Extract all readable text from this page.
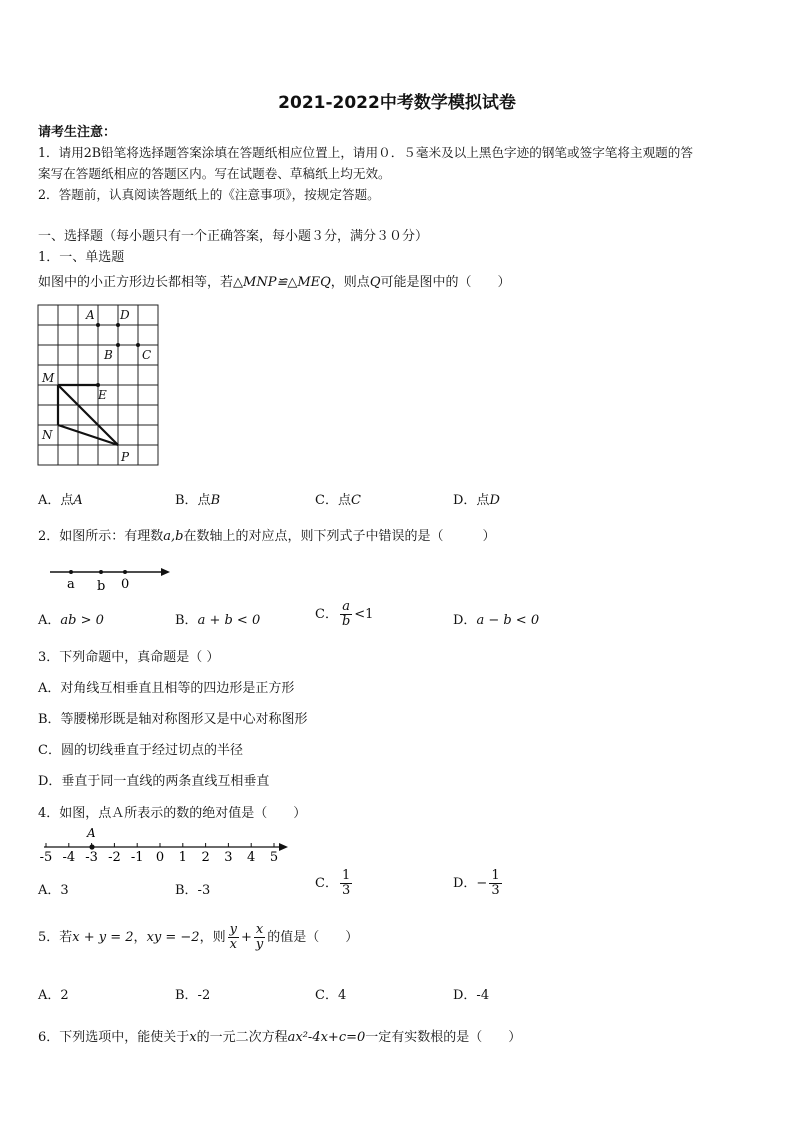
2021-2022中考数学模拟试卷
请考生注意：
1．请用2B铅笔将选择题答案涂填在答题纸相应位置上，请用０．５毫米及以上黑色字迹的钢笔或签字笔将主观题的答
案写在答题纸相应的答题区内。写在试题卷、草稿纸上均无效。
2．答题前，认真阅读答题纸上的《注意事项》，按规定答题。
一、选择题（每小题只有一个正确答案，每小题３分，满分３０分）
1．一、单选题
如图中的小正方形边长都相等，若△MNP≌△MEQ，则点Q可能是图中的（　　）
A D
B C
M
E
N
P
A．点A	B．点B	C．点C	D．点D
2．如图所示：有理数a,b在数轴上的对应点，则下列式子中错误的是（　　　）
a b 0
A．ab > 0	B．a + b < 0	C． $\frac{a}{b} <1$	D．a − b < 0
3．下列命题中，真命题是（ ）
A．对角线互相垂直且相等的四边形是正方形
B．等腰梯形既是轴对称图形又是中心对称图形
C．圆的切线垂直于经过切点的半径
D．垂直于同一直线的两条直线互相垂直
4．如图，点Ａ所表示的数的绝对值是（　　）
-5 -4 -3 -2 -1 0 1 2 3 4 5
A
A．3	B．-3	C． $\frac{1}{3}$	D．− $\frac{1}{3}$
5．若x + y = 2，xy = −2，则 $\frac{y}{x} + \frac{x}{y}$ 的值是（　　）
A．2	B．-2	C．4	D．-4
6．下列选项中，能使关于x的一元二次方程ax²-4x+c=0一定有实数根的是（　　）
